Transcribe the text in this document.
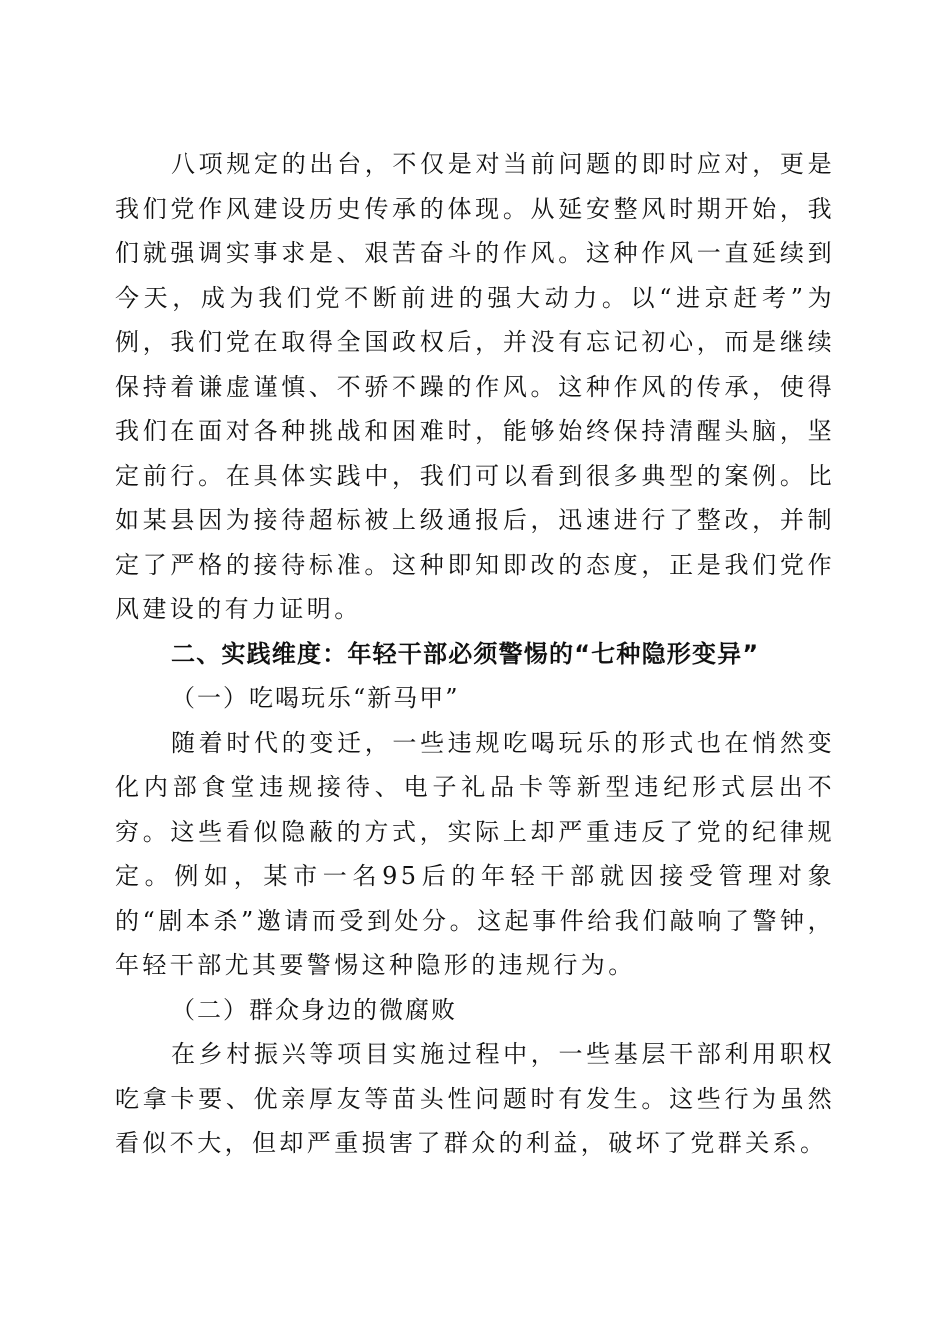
八项规定的出台，不仅是对当前问题的即时应对，更是我们党作风建设历史传承的体现。从延安整风时期开始，我们就强调实事求是、艰苦奋斗的作风。这种作风一直延续到今天，成为我们党不断前进的强大动力。以“进京赶考”为例，我们党在取得全国政权后，并没有忘记初心，而是继续保持着谦虚谨慎、不骄不躁的作风。这种作风的传承，使得我们在面对各种挑战和困难时，能够始终保持清醒头脑，坚定前行。在具体实践中，我们可以看到很多典型的案例。比如某县因为接待超标被上级通报后，迅速进行了整改，并制定了严格的接待标准。这种即知即改的态度，正是我们党作风建设的有力证明。

二、实践维度：年轻干部必须警惕的“七种隐形变异”

（一）吃喝玩乐“新马甲”

随着时代的变迁，一些违规吃喝玩乐的形式也在悄然变化内部食堂违规接待、电子礼品卡等新型违纪形式层出不穷。这些看似隐蔽的方式，实际上却严重违反了党的纪律规定。例如，某市一名95后的年轻干部就因接受管理对象的“剧本杀”邀请而受到处分。这起事件给我们敲响了警钟，年轻干部尤其要警惕这种隐形的违规行为。

（二）群众身边的微腐败

在乡村振兴等项目实施过程中，一些基层干部利用职权吃拿卡要、优亲厚友等苗头性问题时有发生。这些行为虽然看似不大，但却严重损害了群众的利益，破坏了党群关系。
